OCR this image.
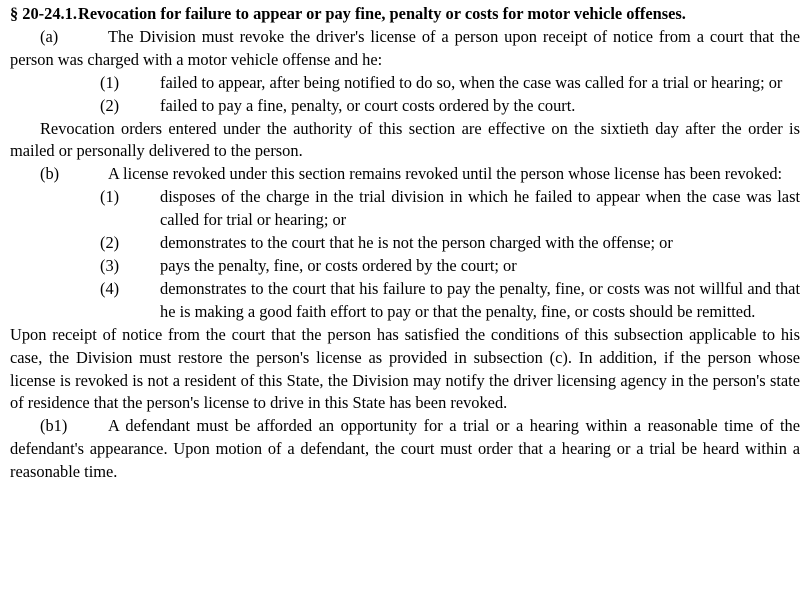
§ 20-24.1.Revocation for failure to appear or pay fine, penalty or costs for motor vehicle offenses.
(a)	The Division must revoke the driver's license of a person upon receipt of notice from a court that the person was charged with a motor vehicle offense and he:
(1) failed to appear, after being notified to do so, when the case was called for a trial or hearing; or
(2) failed to pay a fine, penalty, or court costs ordered by the court.
Revocation orders entered under the authority of this section are effective on the sixtieth day after the order is mailed or personally delivered to the person.
(b)	A license revoked under this section remains revoked until the person whose license has been revoked:
(1) disposes of the charge in the trial division in which he failed to appear when the case was last called for trial or hearing; or
(2) demonstrates to the court that he is not the person charged with the offense; or
(3) pays the penalty, fine, or costs ordered by the court; or
(4) demonstrates to the court that his failure to pay the penalty, fine, or costs was not willful and that he is making a good faith effort to pay or that the penalty, fine, or costs should be remitted.
Upon receipt of notice from the court that the person has satisfied the conditions of this subsection applicable to his case, the Division must restore the person's license as provided in subsection (c). In addition, if the person whose license is revoked is not a resident of this State, the Division may notify the driver licensing agency in the person's state of residence that the person's license to drive in this State has been revoked.
(b1) A defendant must be afforded an opportunity for a trial or a hearing within a reasonable time of the defendant's appearance. Upon motion of a defendant, the court must order that a hearing or a trial be heard within a reasonable time.
